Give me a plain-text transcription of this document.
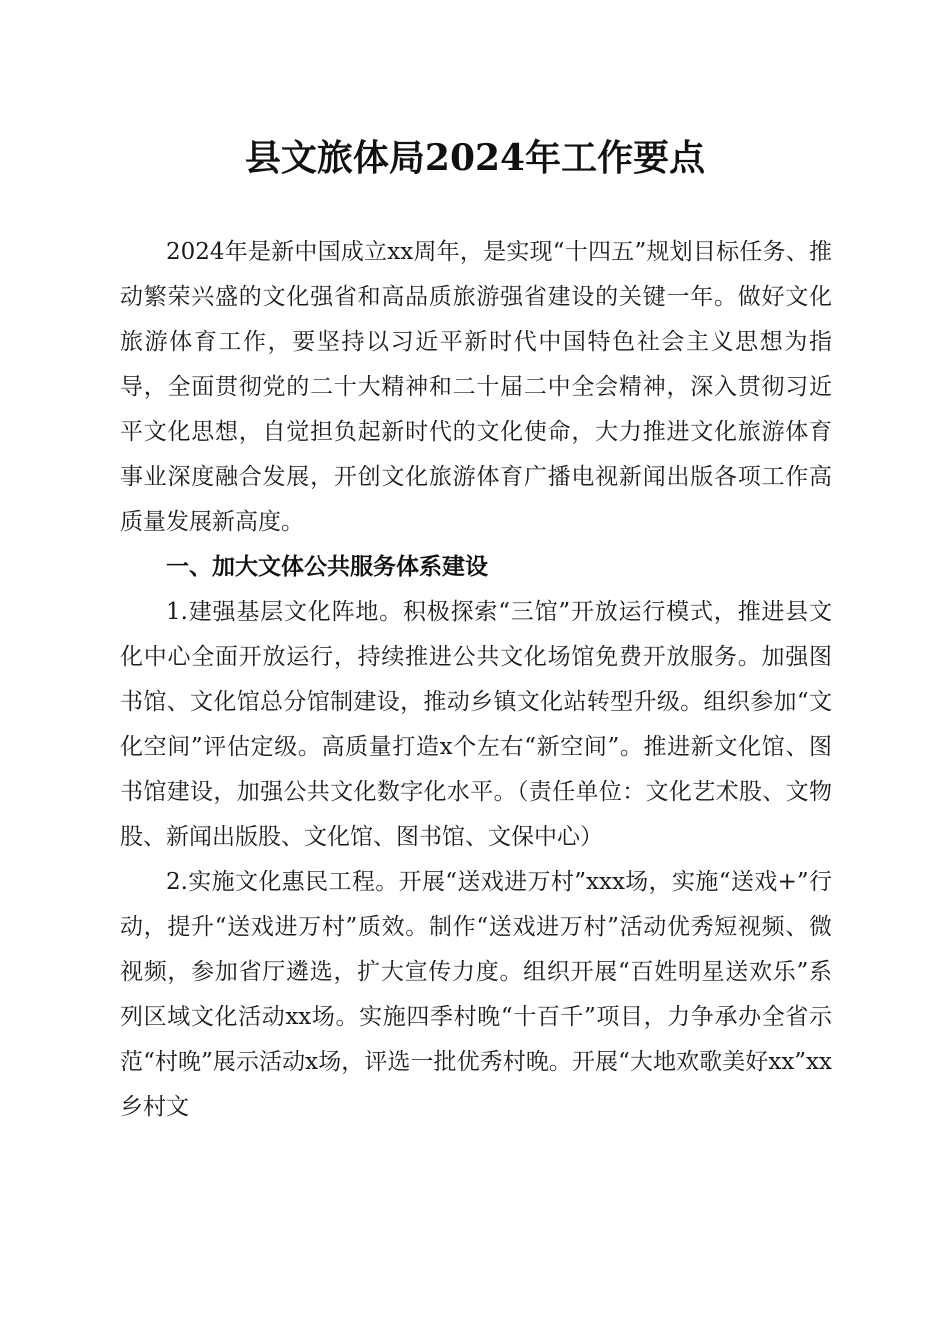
县文旅体局2024年工作要点

2024年是新中国成立xx周年，是实现“十四五”规划目标任务、推动繁荣兴盛的文化强省和高品质旅游强省建设的关键一年。做好文化旅游体育工作，要坚持以习近平新时代中国特色社会主义思想为指导，全面贯彻党的二十大精神和二十届二中全会精神，深入贯彻习近平文化思想，自觉担负起新时代的文化使命，大力推进文化旅游体育事业深度融合发展，开创文化旅游体育广播电视新闻出版各项工作高质量发展新高度。

一、加大文体公共服务体系建设

1.建强基层文化阵地。积极探索“三馆”开放运行模式，推进县文化中心全面开放运行，持续推进公共文化场馆免费开放服务。加强图书馆、文化馆总分馆制建设，推动乡镇文化站转型升级。组织参加“文化空间”评估定级。高质量打造x个左右“新空间”。推进新文化馆、图书馆建设，加强公共文化数字化水平。（责任单位：文化艺术股、文物股、新闻出版股、文化馆、图书馆、文保中心）

2.实施文化惠民工程。开展“送戏进万村”xxx场，实施“送戏+”行动，提升“送戏进万村”质效。制作“送戏进万村”活动优秀短视频、微视频，参加省厅遴选，扩大宣传力度。组织开展“百姓明星送欢乐”系列区域文化活动xx场。实施四季村晚“十百千”项目，力争承办全省示范“村晚”展示活动x场，评选一批优秀村晚。开展“大地欢歌美好xx”xx乡村文
